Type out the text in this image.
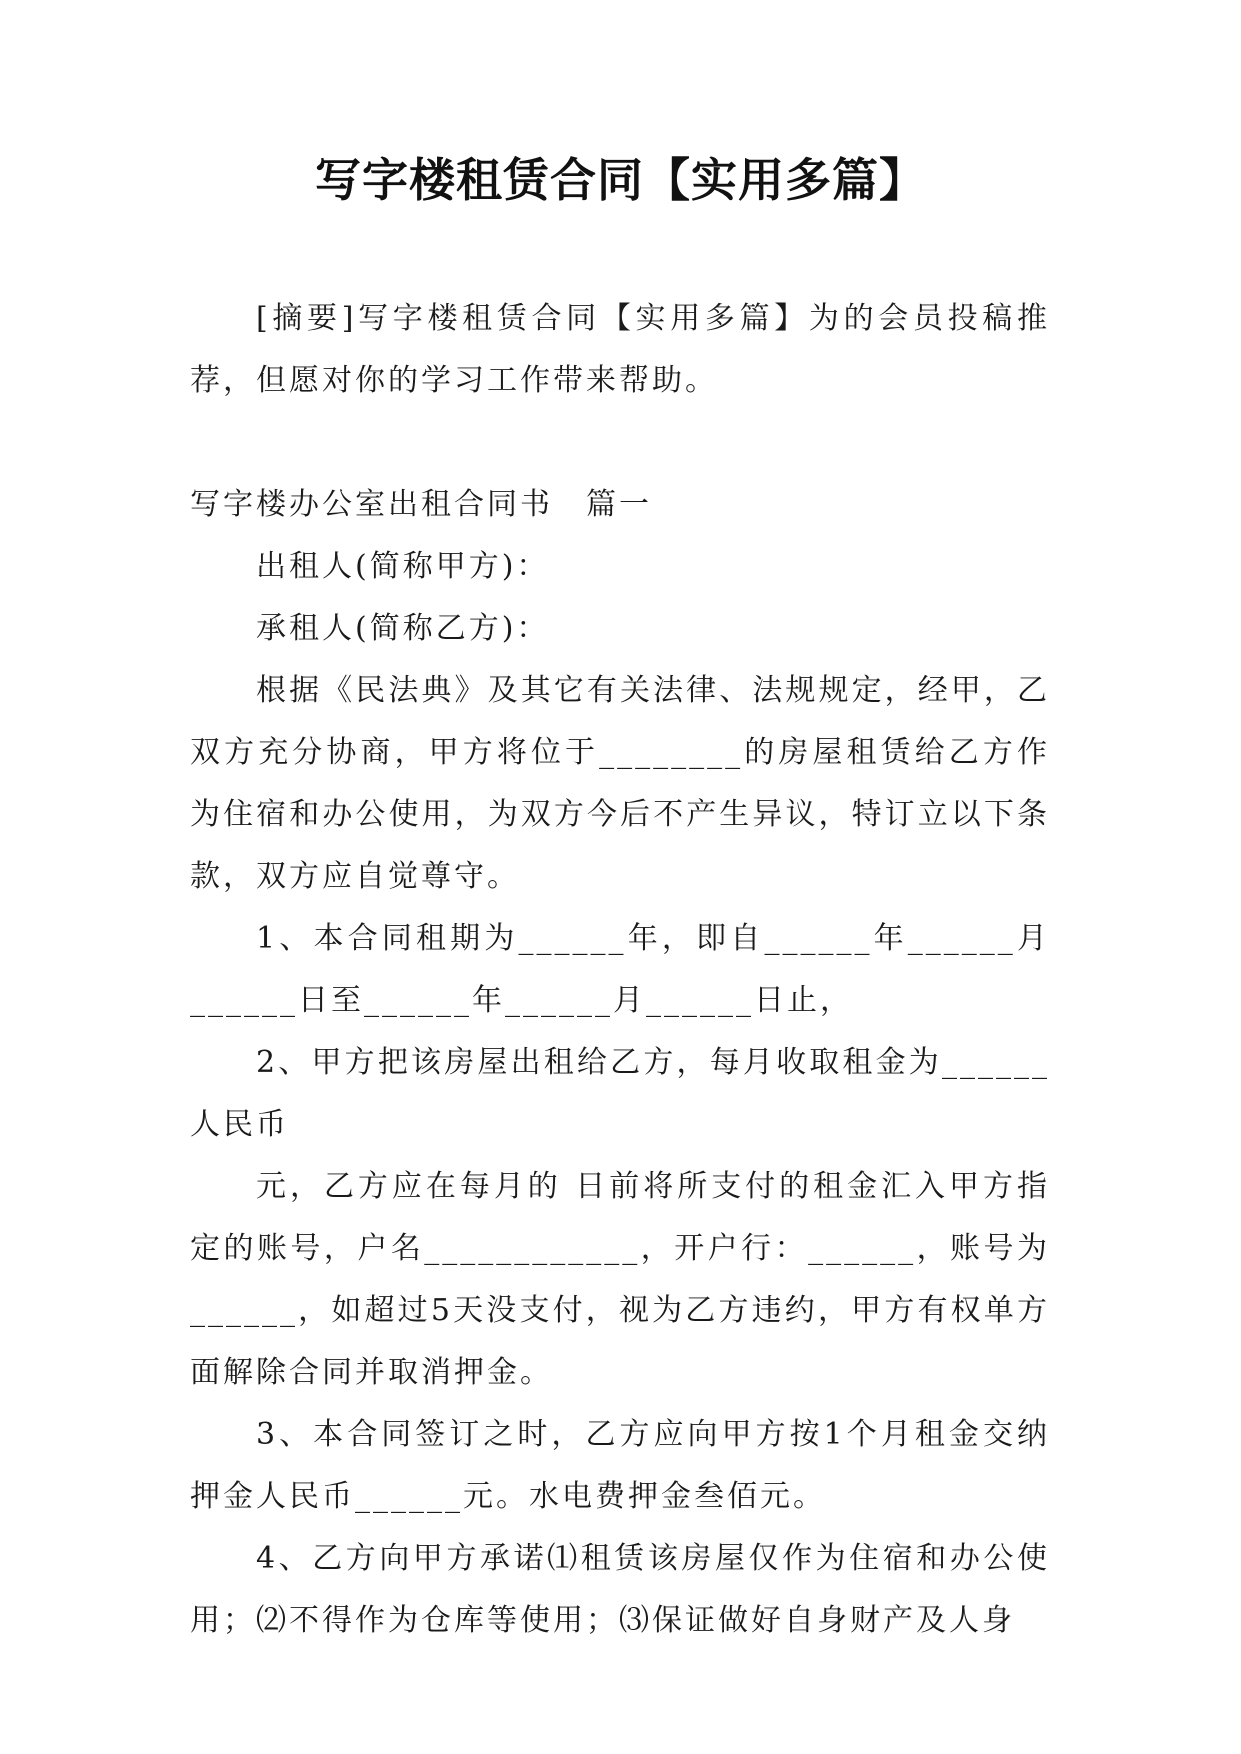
写字楼租赁合同【实用多篇】

[摘要]写字楼租赁合同【实用多篇】为的会员投稿推荐，但愿对你的学习工作带来帮助。

写字楼办公室出租合同书　篇一

出租人(简称甲方)：

承租人(简称乙方)：

根据《民法典》及其它有关法律、法规规定，经甲，乙双方充分协商，甲方将位于________的房屋租赁给乙方作为住宿和办公使用，为双方今后不产生异议，特订立以下条款，双方应自觉尊守。

1、本合同租期为______年，即自______年______月______日至______年______月______日止，

2、甲方把该房屋出租给乙方，每月收取租金为______人民币

元，乙方应在每月的 日前将所支付的租金汇入甲方指定的账号，户名____________，开户行：______，账号为______，如超过5天没支付，视为乙方违约，甲方有权单方面解除合同并取消押金。

3、本合同签订之时，乙方应向甲方按1个月租金交纳押金人民币______元。水电费押金叁佰元。

4、乙方向甲方承诺⑴租赁该房屋仅作为住宿和办公使用；⑵不得作为仓库等使用；⑶保证做好自身财产及人身
